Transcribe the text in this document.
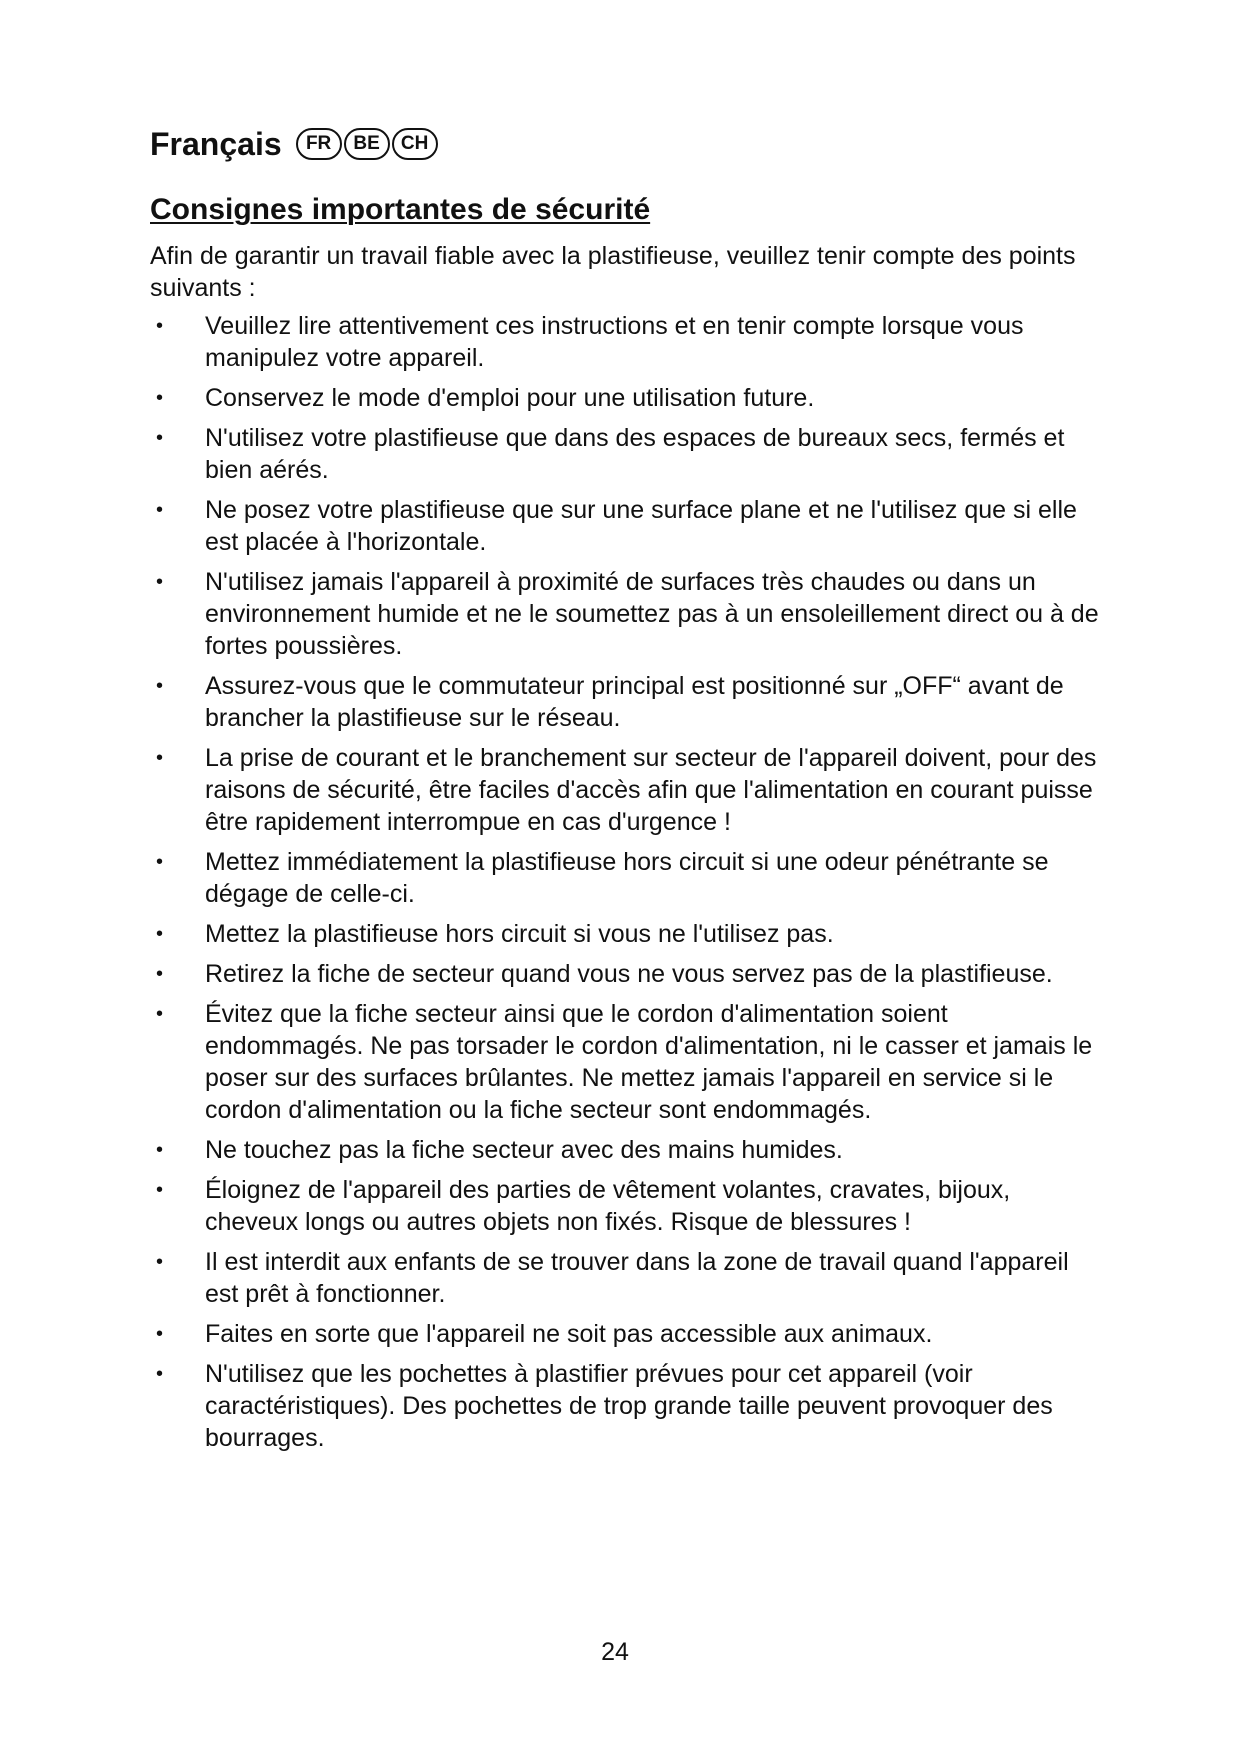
Français	FR	BE	CH
Consignes importantes de sécurité

Afin de garantir un travail fiable avec la plastifieuse, veuillez tenir compte des points suivants :

•	Veuillez lire attentivement ces instructions et en tenir compte lorsque vous manipulez votre appareil.
•	Conservez le mode d'emploi pour une utilisation future.
•	N'utilisez votre plastifieuse que dans des espaces de bureaux secs, fermés et bien aérés.
•	Ne posez votre plastifieuse que sur une surface plane et ne l'utilisez que si elle est placée à l'horizontale.
•	N'utilisez jamais l'appareil à proximité de surfaces très chaudes ou dans un environnement humide et ne le soumettez pas à un ensoleillement direct ou à de fortes poussières.
•	Assurez-vous que le commutateur principal est positionné sur „OFF“ avant de brancher la plastifieuse sur le réseau.
•	La prise de courant et le branchement sur secteur de l'appareil doivent, pour des raisons de sécurité, être faciles d'accès afin que l'alimentation en courant puisse être rapidement interrompue en cas d'urgence !
•	Mettez immédiatement la plastifieuse hors circuit si une odeur pénétrante se dégage de celle-ci.
•	Mettez la plastifieuse hors circuit si vous ne l'utilisez pas.
•	Retirez la fiche de secteur quand vous ne vous servez pas de la plastifieuse.
•	Évitez que la fiche secteur ainsi que le cordon d'alimentation soient endommagés. Ne pas torsader le cordon d'alimentation, ni le casser et jamais le poser sur des surfaces brûlantes. Ne mettez jamais l'appareil en service si le cordon d'alimentation ou la fiche secteur sont endommagés.
•	Ne touchez pas la fiche secteur avec des mains humides.
•	Éloignez de l'appareil des parties de vêtement volantes, cravates, bijoux, cheveux longs ou autres objets non fixés. Risque de blessures !
•	Il est interdit aux enfants de se trouver dans la zone de travail quand l'appareil est prêt à fonctionner.
•	Faites en sorte que l'appareil ne soit pas accessible aux animaux.
•	N'utilisez que les pochettes à plastifier prévues pour cet appareil (voir caractéristiques). Des pochettes de trop grande taille peuvent provoquer des bourrages.
24
